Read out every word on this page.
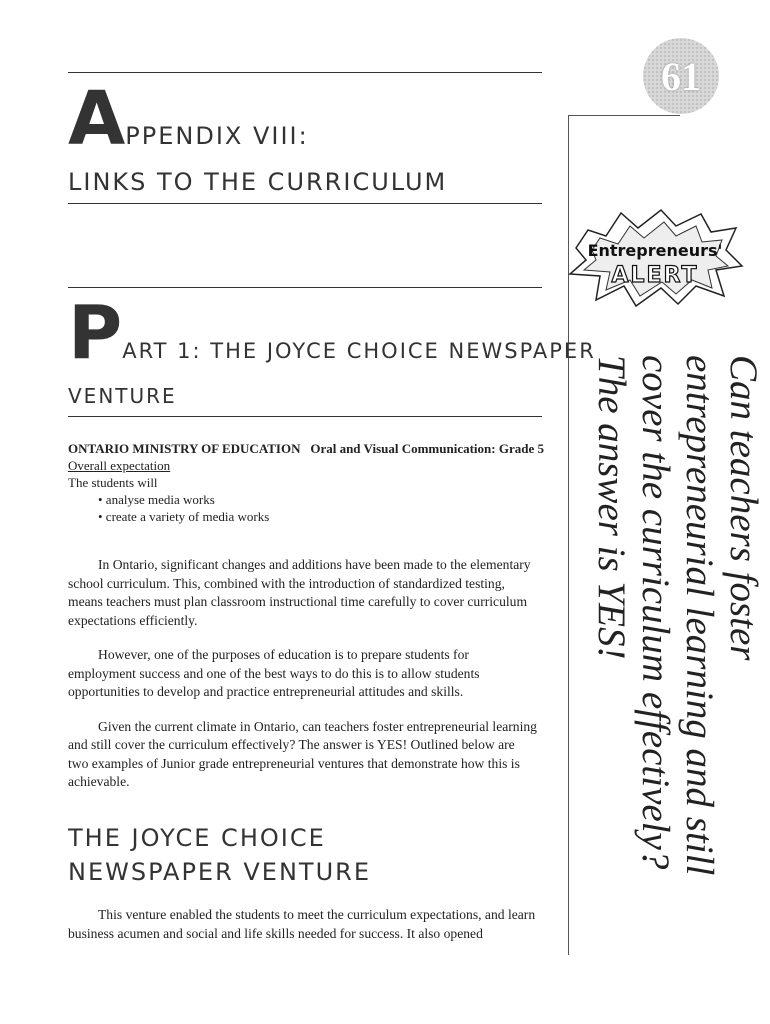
61
APPENDIX VIII:
LINKS TO THE CURRICULUM
PART 1: THE JOYCE CHOICE NEWSPAPER
VENTURE
Entrepreneurs'
ALERT
Can teachers foster entrepreneurial learning and still cover the curriculum effectively? The answer is YES!
ONTARIO MINISTRY OF EDUCATION Oral and Visual Communication: Grade 5
Overall expectation
The students will
• analyse media works
• create a variety of media works

In Ontario, significant changes and additions have been made to the elementary school curriculum. This, combined with the introduction of standardized testing, means teachers must plan classroom instructional time carefully to cover curriculum expectations efficiently.

However, one of the purposes of education is to prepare students for employment success and one of the best ways to do this is to allow students opportunities to develop and practice entrepreneurial attitudes and skills.

Given the current climate in Ontario, can teachers foster entrepreneurial learning and still cover the curriculum effectively? The answer is YES! Outlined below are two examples of Junior grade entrepreneurial ventures that demonstrate how this is achievable.

THE JOYCE CHOICE NEWSPAPER VENTURE

This venture enabled the students to meet the curriculum expectations, and learn business acumen and social and life skills needed for success. It also opened
